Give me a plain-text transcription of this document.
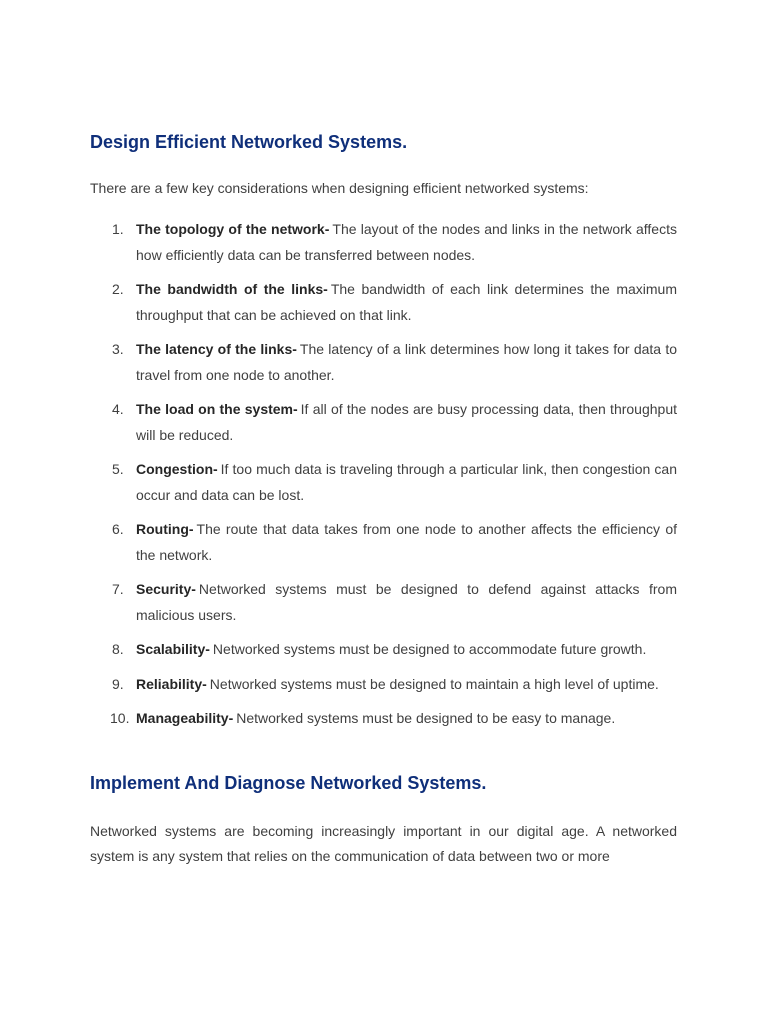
Design Efficient Networked Systems.

There are a few key considerations when designing efficient networked systems:

1. The topology of the network- The layout of the nodes and links in the network affects how efficiently data can be transferred between nodes.
2. The bandwidth of the links- The bandwidth of each link determines the maximum throughput that can be achieved on that link.
3. The latency of the links- The latency of a link determines how long it takes for data to travel from one node to another.
4. The load on the system- If all of the nodes are busy processing data, then throughput will be reduced.
5. Congestion- If too much data is traveling through a particular link, then congestion can occur and data can be lost.
6. Routing- The route that data takes from one node to another affects the efficiency of the network.
7. Security- Networked systems must be designed to defend against attacks from malicious users.
8. Scalability- Networked systems must be designed to accommodate future growth.
9. Reliability- Networked systems must be designed to maintain a high level of uptime.
10. Manageability- Networked systems must be designed to be easy to manage.
Implement And Diagnose Networked Systems.

Networked systems are becoming increasingly important in our digital age. A networked system is any system that relies on the communication of data between two or more
